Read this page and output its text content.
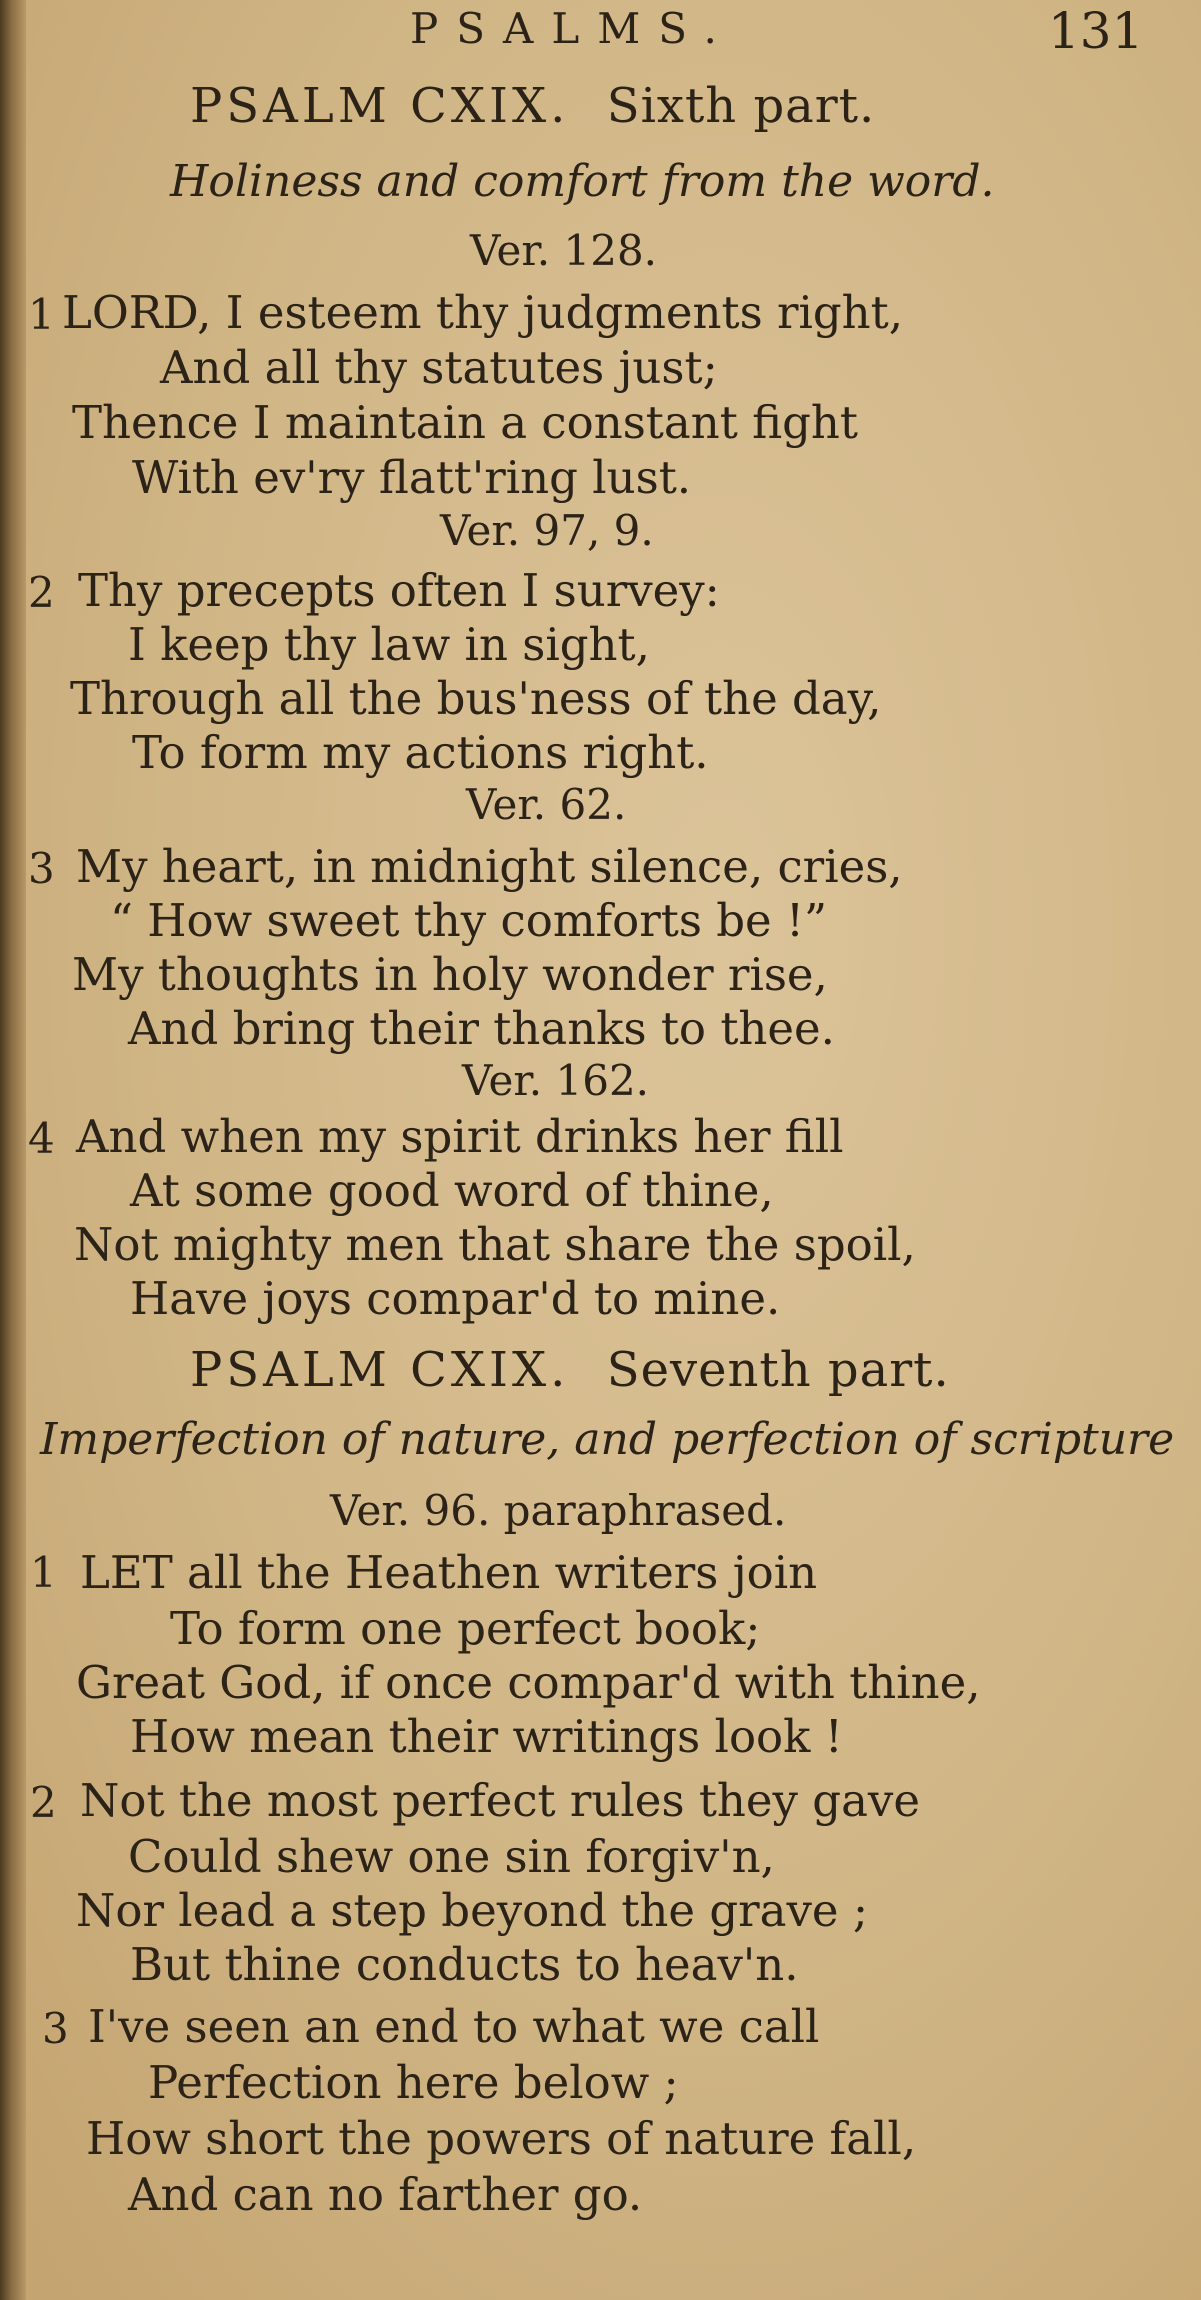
PSALMS.	131
PSALM CXIX. Sixth part.
Holiness and comfort from the word.
Ver. 128.
1 LORD, I esteem thy judgments right,
And all thy statutes just;
Thence I maintain a constant fight
With ev'ry flatt'ring lust.
Ver. 97, 9.
2 Thy precepts often I survey:
I keep thy law in sight,
Through all the bus'ness of the day,
To form my actions right.
Ver. 62.
3 My heart, in midnight silence, cries,
“ How sweet thy comforts be !”
My thoughts in holy wonder rise,
And bring their thanks to thee.
Ver. 162.
4 And when my spirit drinks her fill
At some good word of thine,
Not mighty men that share the spoil,
Have joys compar'd to mine.
PSALM CXIX. Seventh part.
Imperfection of nature, and perfection of scripture
Ver. 96. paraphrased.
1 LET all the Heathen writers join
To form one perfect book;
Great God, if once compar'd with thine,
How mean their writings look !
2 Not the most perfect rules they gave
Could shew one sin forgiv'n,
Nor lead a step beyond the grave ;
But thine conducts to heav'n.
3 I've seen an end to what we call
Perfection here below ;
How short the powers of nature fall,
And can no farther go.
